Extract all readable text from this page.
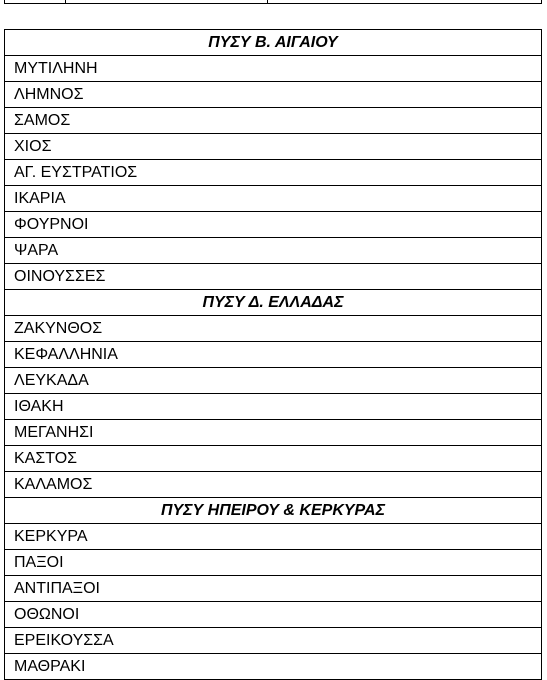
ΠΥΣΥ Β. ΑΙΓΑΙΟΥ
ΜΥΤΙΛΗΝΗ
ΛΗΜΝΟΣ
ΣΑΜΟΣ
ΧΙΟΣ
ΑΓ. ΕΥΣΤΡΑΤΙΟΣ
ΙΚΑΡΙΑ
ΦΟΥΡΝΟΙ
ΨΑΡΑ
ΟΙΝΟΥΣΣΕΣ
ΠΥΣΥ Δ. ΕΛΛΑΔΑΣ
ΖΑΚΥΝΘΟΣ
ΚΕΦΑΛΛΗΝΙΑ
ΛΕΥΚΑΔΑ
ΙΘΑΚΗ
ΜΕΓΑΝΗΣΙ
ΚΑΣΤΟΣ
ΚΑΛΑΜΟΣ
ΠΥΣΥ ΗΠΕΙΡΟΥ & ΚΕΡΚΥΡΑΣ
ΚΕΡΚΥΡΑ
ΠΑΞΟΙ
ΑΝΤΙΠΑΞΟΙ
ΟΘΩΝΟΙ
ΕΡΕΙΚΟΥΣΣΑ
ΜΑΘΡΑΚΙ
